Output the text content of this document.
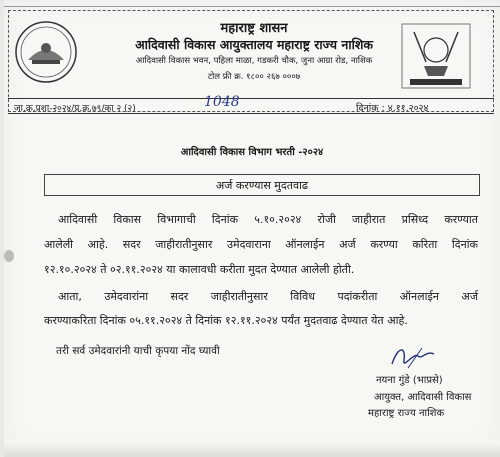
महाराष्ट्र शासन
आदिवासी विकास आयुक्तालय महाराष्ट्र राज्य नाशिक
आदिवासी विकास भवन, पहिला माळा, गडकरी चौक, जुना आग्रा रोड, नाशिक
टोल फ्री क्र. १८०० २६७ ०००७
जा.क्र.प्रशा-२०२४/प्र.क्र.७९/का २ (२)	1048	दिनांक : ४.११.२०२४
आदिवासी विकास विभाग भरती -२०२४
अर्ज करण्यास मुदतवाढ
आदिवासी विकास विभागाची दिनांक ५.१०.२०२४ रोजी जाहीरात प्रसिध्द करण्यात
आलेली आहे. सदर जाहीरातीनुसार उमेदवाराना ऑनलाईन अर्ज करण्या करिता दिनांक
१२.१०.२०२४ ते ०२.११.२०२४ या कालावधी करीता मुदत देण्यात आलेली होती.
आता, उमेदवारांना सदर जाहीरातीनुसार विविध पदांकरीता ऑनलाईन अर्ज
करण्याकरिता दिनांक ०५.११.२०२४ ते दिनांक १२.११.२०२४ पर्यंत मुदतवाढ देण्यात येत आहे.
तरी सर्व उमेदवारांनी याची कृपया नोंद घ्यावी
नयना गुंडे (भाप्रसे)
आयुक्त, आदिवासी विकास
महाराष्ट्र राज्य नाशिक
